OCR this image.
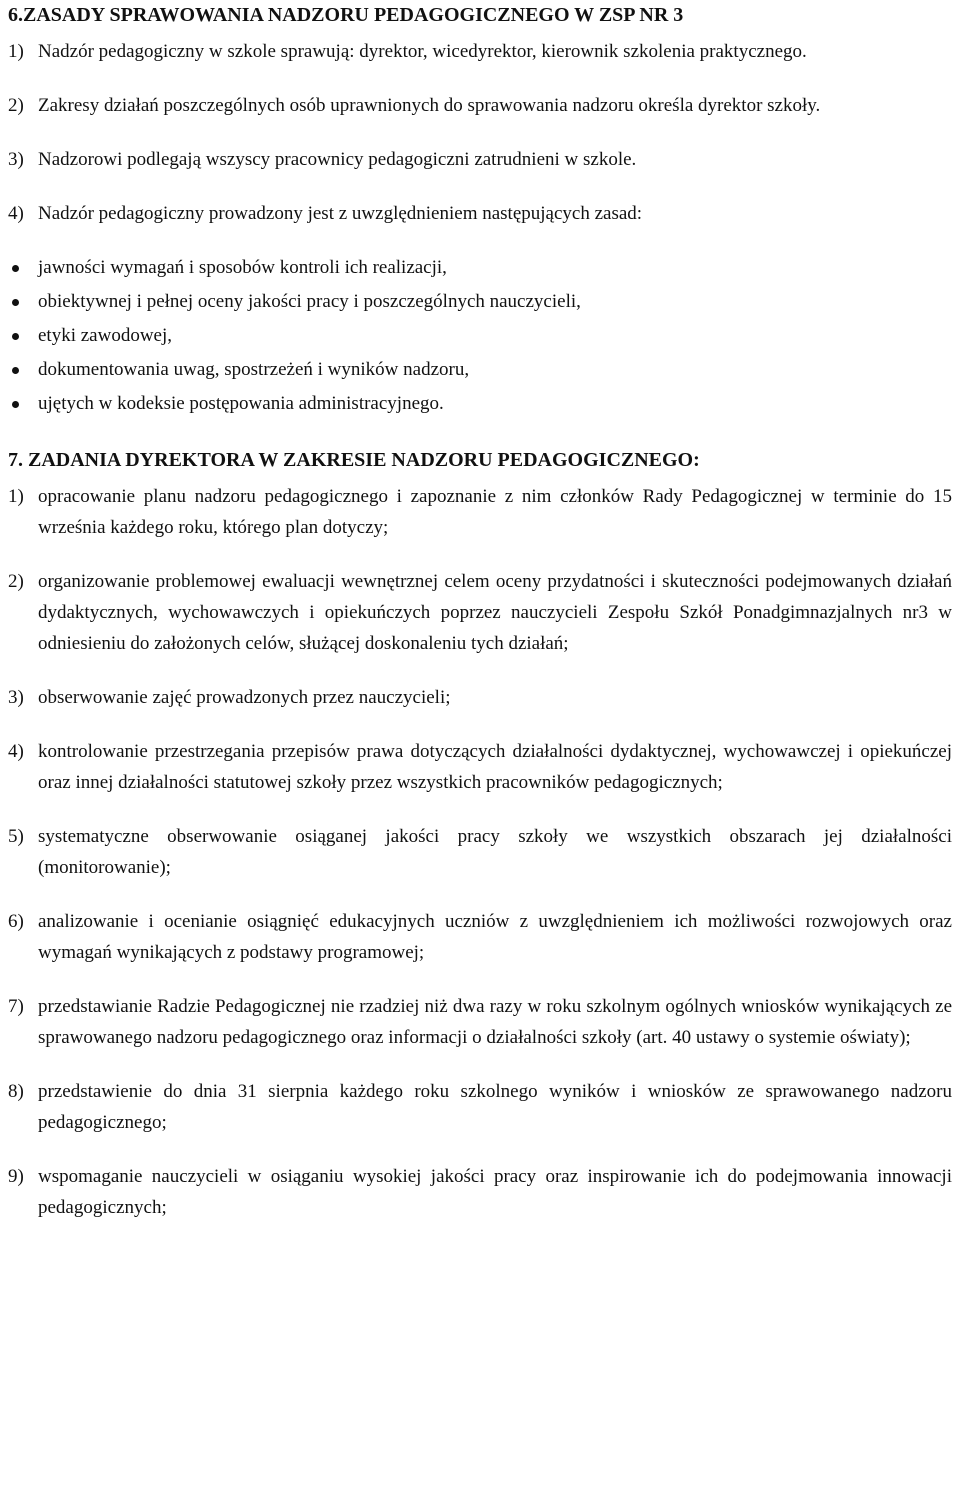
6.ZASADY SPRAWOWANIA NADZORU PEDAGOGICZNEGO W ZSP NR 3
1) Nadzór pedagogiczny w szkole sprawują: dyrektor, wicedyrektor, kierownik szkolenia praktycznego.
2) Zakresy działań poszczególnych osób uprawnionych do sprawowania nadzoru określa dyrektor szkoły.
3) Nadzorowi podlegają wszyscy pracownicy pedagogiczni zatrudnieni w szkole.
4) Nadzór pedagogiczny prowadzony jest z uwzględnieniem następujących zasad:
jawności wymagań i sposobów kontroli ich realizacji,
obiektywnej i pełnej oceny jakości pracy i poszczególnych nauczycieli,
etyki zawodowej,
dokumentowania uwag, spostrzeżeń i wyników nadzoru,
ujętych w kodeksie postępowania administracyjnego.
7. ZADANIA DYREKTORA W ZAKRESIE NADZORU PEDAGOGICZNEGO:
1) opracowanie planu nadzoru pedagogicznego i zapoznanie z nim członków Rady Pedagogicznej w terminie do 15 września każdego roku, którego plan dotyczy;
2) organizowanie problemowej ewaluacji wewnętrznej celem oceny przydatności i skuteczności podejmowanych działań dydaktycznych, wychowawczych i opiekuńczych poprzez nauczycieli Zespołu Szkół Ponadgimnazjalnych nr3 w odniesieniu do założonych celów, służącej doskonaleniu tych działań;
3) obserwowanie zajęć prowadzonych przez nauczycieli;
4) kontrolowanie przestrzegania przepisów prawa dotyczących działalności dydaktycznej, wychowawczej i opiekuńczej oraz innej działalności statutowej szkoły przez wszystkich pracowników pedagogicznych;
5) systematyczne obserwowanie osiąganej jakości pracy szkoły we wszystkich obszarach jej działalności (monitorowanie);
6) analizowanie i ocenianie osiągnięć edukacyjnych uczniów z uwzględnieniem ich możliwości rozwojowych oraz wymagań wynikających z podstawy programowej;
7) przedstawianie Radzie Pedagogicznej nie rzadziej niż dwa razy w roku szkolnym ogólnych wniosków wynikających ze sprawowanego nadzoru pedagogicznego oraz informacji o działalności szkoły (art. 40 ustawy o systemie oświaty);
8) przedstawienie do dnia 31 sierpnia każdego roku szkolnego wyników i wniosków ze sprawowanego nadzoru pedagogicznego;
9) wspomaganie nauczycieli w osiąganiu wysokiej jakości pracy oraz inspirowanie ich do podejmowania innowacji pedagogicznych;
